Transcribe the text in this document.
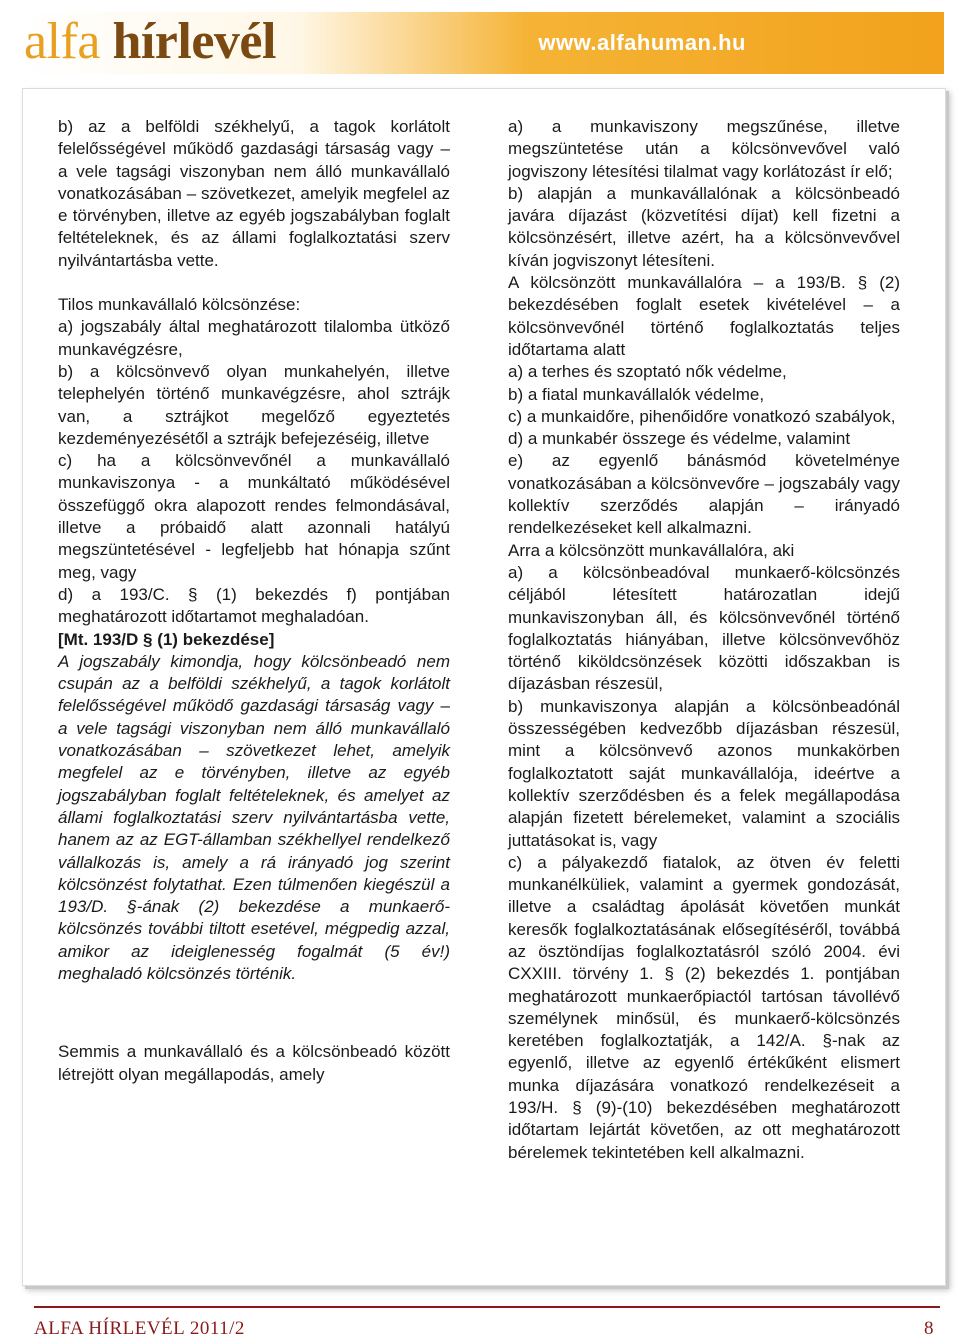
alfa hírlevél	www.alfahuman.hu

b) az a belföldi székhelyű, a tagok korlátolt felelősségével működő gazdasági társaság vagy – a vele tagsági viszonyban nem álló munkavállaló vonatkozásában – szövetkezet, amelyik megfelel az e törvényben, illetve az egyéb jogszabályban foglalt feltételeknek, és az állami foglalkoztatási szerv nyilvántartásba vette.

Tilos munkavállaló kölcsönzése:

a) jogszabály által meghatározott tilalomba ütköző munkavégzésre,

b) a kölcsönvevő olyan munkahelyén, illetve telephelyén történő munkavégzésre, ahol sztrájk van, a sztrájkot megelőző egyeztetés kezdeményezésétől a sztrájk befejezéséig, illetve

c) ha a kölcsönvevőnél a munkavállaló munkaviszonya - a munkáltató működésével összefüggő okra alapozott rendes felmondásával, illetve a próbaidő alatt azonnali hatályú megszüntetésével - legfeljebb hat hónapja szűnt meg, vagy

d) a 193/C. § (1) bekezdés f) pontjában meghatározott időtartamot meghaladóan.

[Mt. 193/D § (1) bekezdése]

A jogszabály kimondja, hogy kölcsönbeadó nem csupán az a belföldi székhelyű, a tagok korlátolt felelősségével működő gazdasági társaság vagy – a vele tagsági viszonyban nem álló munkavállaló vonatkozásában – szövetkezet lehet, amelyik megfelel az e törvényben, illetve az egyéb jogszabályban foglalt feltételeknek, és amelyet az állami foglalkoztatási szerv nyilvántartásba vette, hanem az az EGT-államban székhellyel rendelkező vállalkozás is, amely a rá irányadó jog szerint kölcsönzést folytathat. Ezen túlmenően kiegészül a 193/D. §-ának (2) bekezdése a munkaerő-kölcsönzés további tiltott esetével, mégpedig azzal, amikor az ideiglenesség fogalmát (5 év!) meghaladó kölcsönzés történik.

Semmis a munkavállaló és a kölcsönbeadó között létrejött olyan megállapodás, amely

a) a munkaviszony megszűnése, illetve megszüntetése után a kölcsönvevővel való jogviszony létesítési tilalmat vagy korlátozást ír elő;

b) alapján a munkavállalónak a kölcsönbeadó javára díjazást (közvetítési díjat) kell fizetni a kölcsönzésért, illetve azért, ha a kölcsönvevővel kíván jogviszonyt létesíteni.

A kölcsönzött munkavállalóra – a 193/B. § (2) bekezdésében foglalt esetek kivételével – a kölcsönvevőnél történő foglalkoztatás teljes időtartama alatt

a) a terhes és szoptató nők védelme,

b) a fiatal munkavállalók védelme,

c) a munkaidőre, pihenőidőre vonatkozó szabályok,

d) a munkabér összege és védelme, valamint

e) az egyenlő bánásmód követelménye vonatkozásában a kölcsönvevőre – jogszabály vagy kollektív szerződés alapján – irányadó rendelkezéseket kell alkalmazni.

Arra a kölcsönzött munkavállalóra, aki

a) a kölcsönbeadóval munkaerő-kölcsönzés céljából létesített határozatlan idejű munkaviszonyban áll, és kölcsönvevőnél történő foglalkoztatás hiányában, illetve kölcsönvevőhöz történő kiköldcsönzések közötti időszakban is díjazásban részesül,

b) munkaviszonya alapján a kölcsönbeadónál összességében kedvezőbb díjazásban részesül, mint a kölcsönvevő azonos munkakörben foglalkoztatott saját munkavállalója, ideértve a kollektív szerződésben és a felek megállapodása alapján fizetett bérelemeket, valamint a szociális juttatásokat is, vagy

c) a pályakezdő fiatalok, az ötven év feletti munkanélküliek, valamint a gyermek gondozását, illetve a családtag ápolását követően munkát keresők foglalkoztatásának elősegítéséről, továbbá az ösztöndíjas foglalkoztatásról szóló 2004. évi CXXIII. törvény 1. § (2) bekezdés 1. pontjában meghatározott munkaerőpiactól tartósan távollévő személynek minősül, és munkaerő-kölcsönzés keretében foglalkoztatják, a 142/A. §-nak az egyenlő, illetve az egyenlő értékűként elismert munka díjazására vonatkozó rendelkezéseit a 193/H. § (9)-(10) bekezdésében meghatározott időtartam lejártát követően, az ott meghatározott bérelemek tekintetében kell alkalmazni.

ALFA HÍRLEVÉL 2011/2	8
